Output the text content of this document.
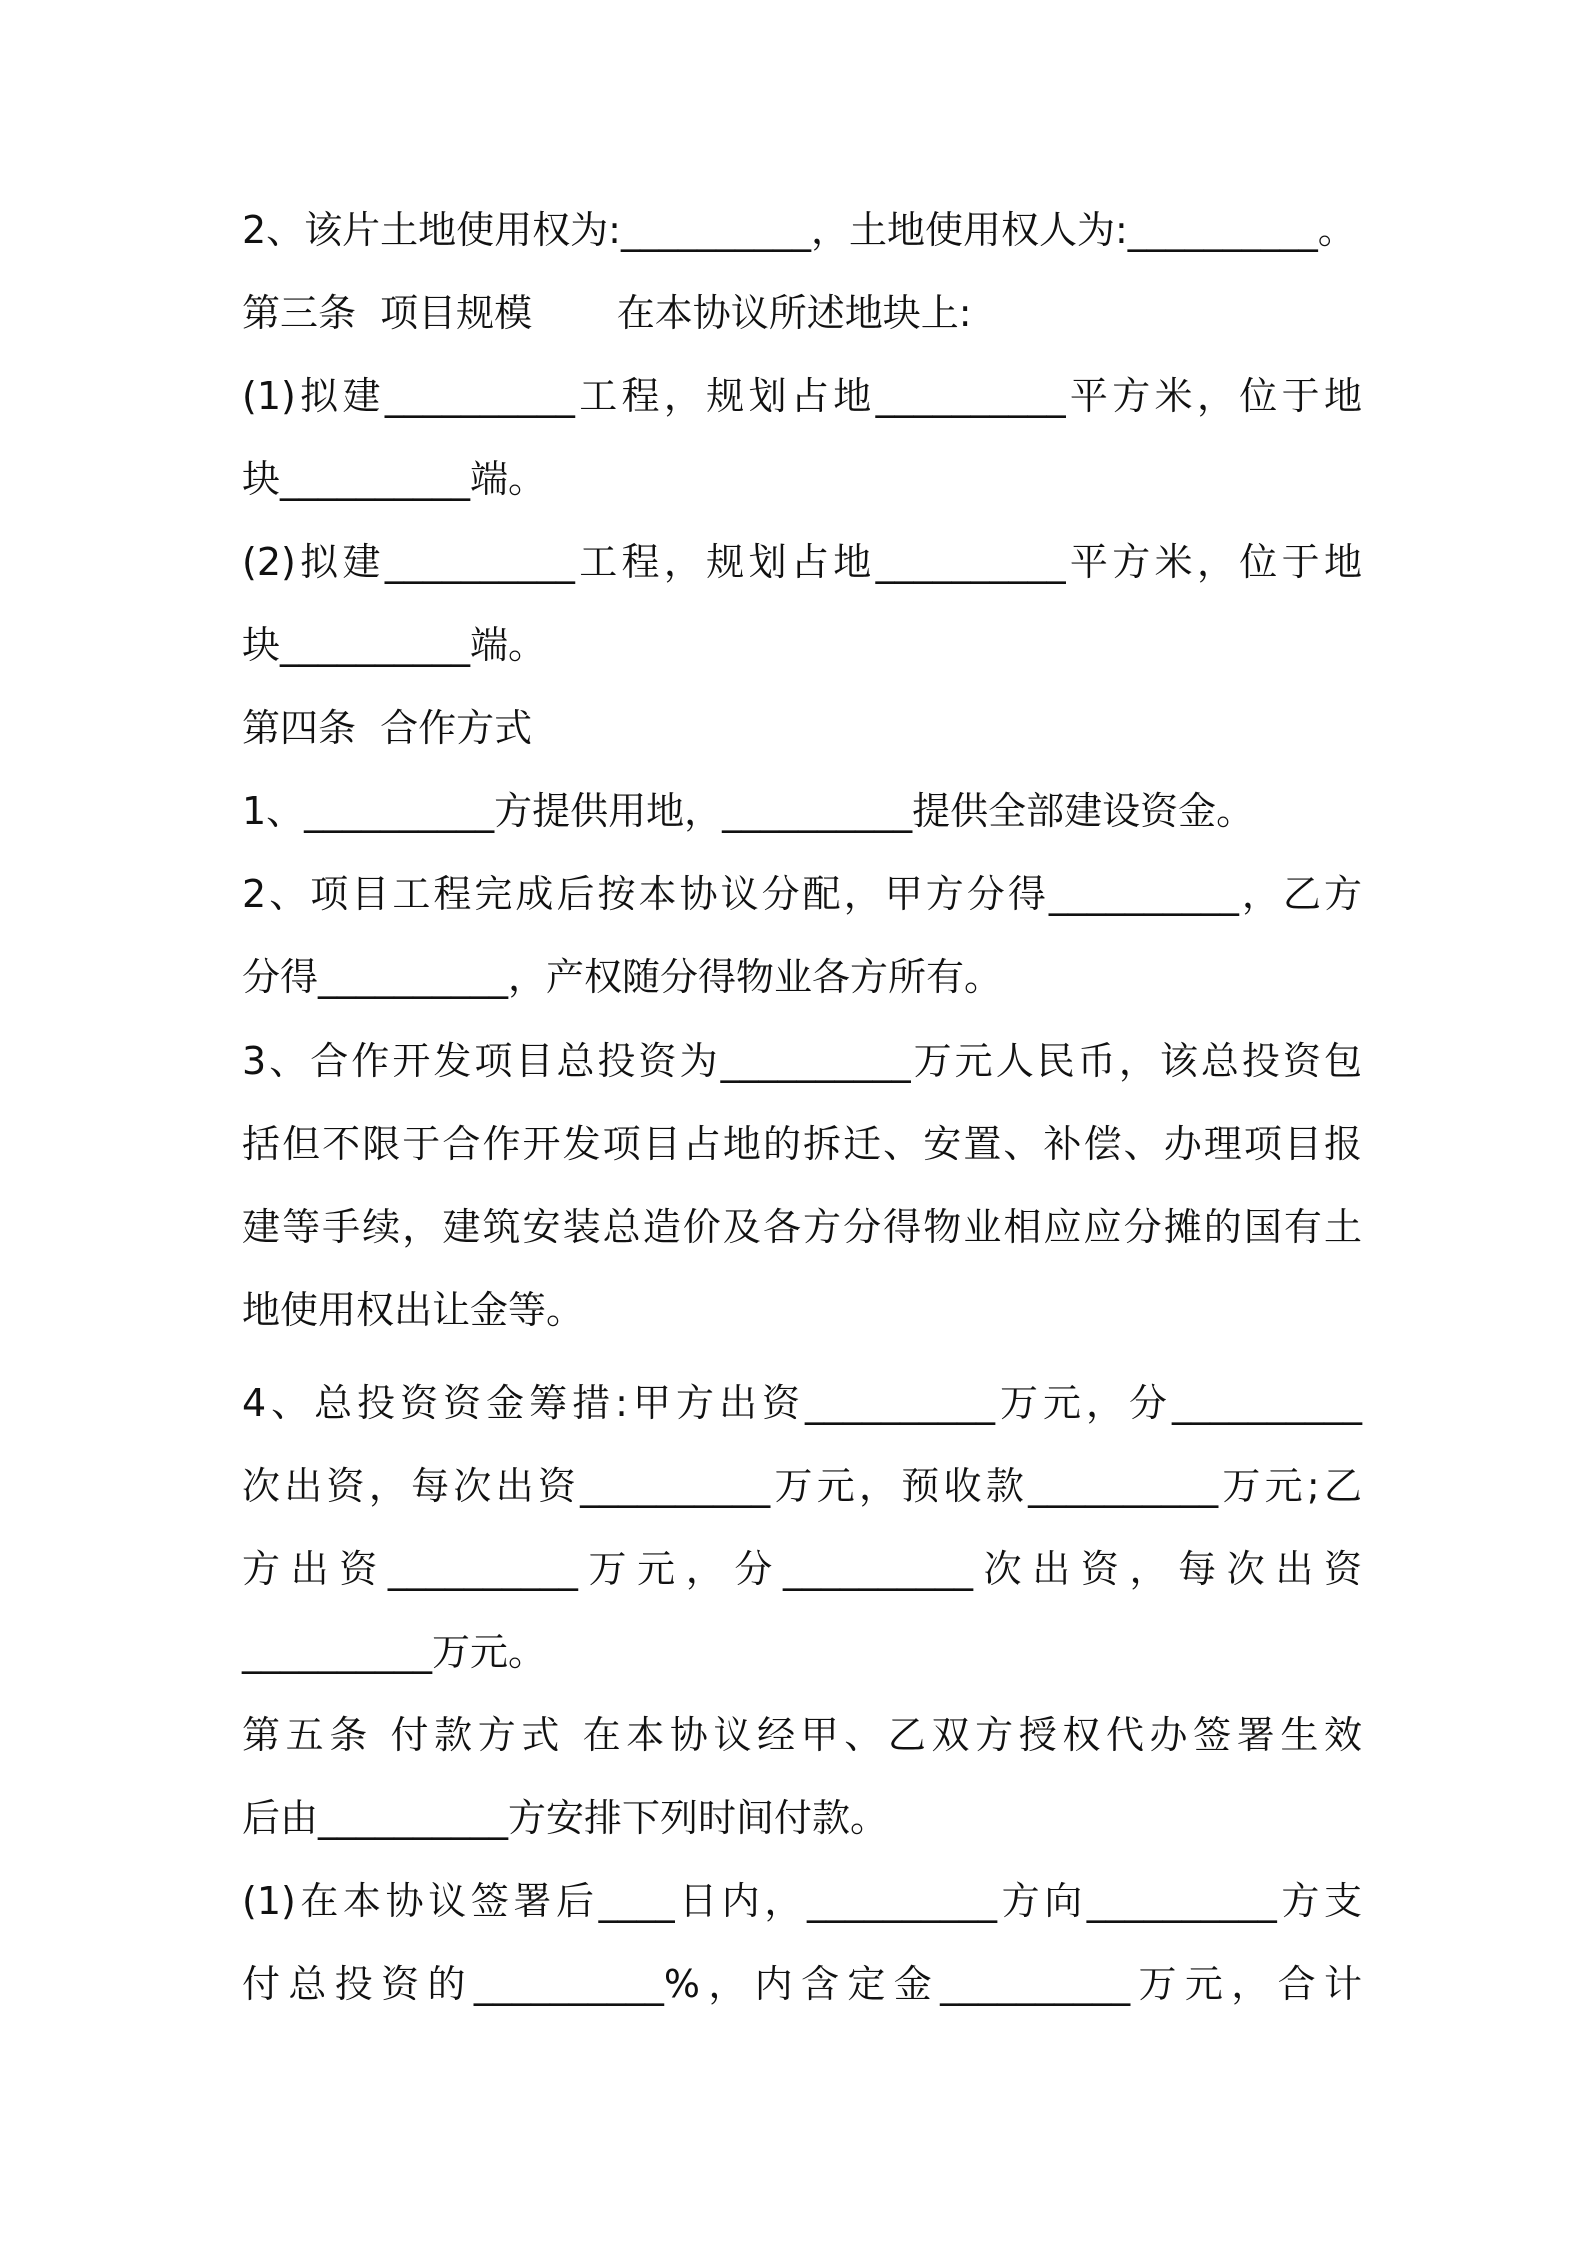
2、该片土地使用权为:__________，土地使用权人为:__________。
第三条  项目规模       在本协议所述地块上:
(1)拟建__________工程，规划占地__________平方米，位于地
块__________端。
(2)拟建__________工程，规划占地__________平方米，位于地
块__________端。
第四条  合作方式
1、__________方提供用地，__________提供全部建设资金。
2、项目工程完成后按本协议分配，甲方分得__________，乙方
分得__________，产权随分得物业各方所有。
3、合作开发项目总投资为__________万元人民币，该总投资包
括但不限于合作开发项目占地的拆迁、安置、补偿、办理项目报
建等手续，建筑安装总造价及各方分得物业相应应分摊的国有土
地使用权出让金等。
4、总投资资金筹措:甲方出资__________万元，分__________
次出资，每次出资__________万元，预收款__________万元;乙
方出资__________万元，分__________次出资，每次出资
__________万元。
第五条 付款方式 在本协议经甲、乙双方授权代办签署生效
后由__________方安排下列时间付款。
(1)在本协议签署后____日内，__________方向__________方支
付总投资的__________%，内含定金__________万元，合计
